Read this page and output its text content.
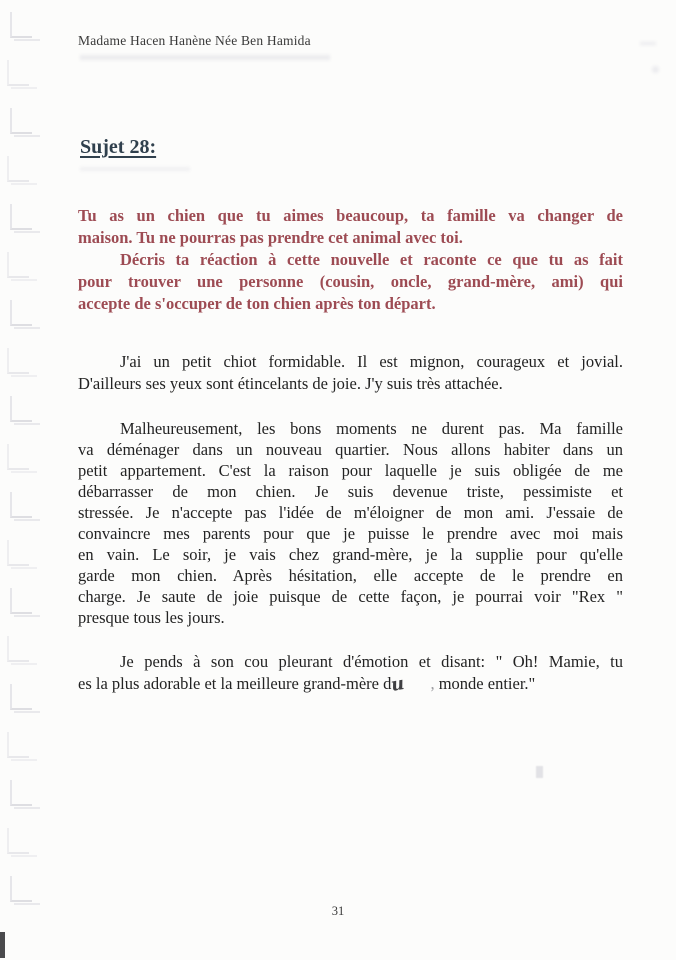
Madame Hacen Hanène Née Ben Hamida
Sujet 28:
Tu as un chien que tu aimes beaucoup, ta famille va changer de
maison. Tu ne pourras pas prendre cet animal avec toi.
Décris ta réaction à cette nouvelle et raconte ce que tu as fait
pour trouver une personne (cousin, oncle, grand-mère, ami) qui
accepte de s'occuper de ton chien après ton départ.
J'ai un petit chiot formidable. Il est mignon, courageux et jovial.
D'ailleurs ses yeux sont étincelants de joie. J'y suis très attachée.
Malheureusement, les bons moments ne durent pas. Ma famille
va déménager dans un nouveau quartier. Nous allons habiter dans un
petit appartement. C'est la raison pour laquelle je suis obligée de me
débarrasser de mon chien. Je suis devenue triste, pessimiste et
stressée. Je n'accepte pas l'idée de m'éloigner de mon ami. J'essaie de
convaincre mes parents pour que je puisse le prendre avec moi mais
en vain. Le soir, je vais chez grand-mère, je la supplie pour qu'elle
garde mon chien. Après hésitation, elle accepte de le prendre en
charge. Je saute de joie puisque de cette façon, je pourrai voir "Rex "
presque tous les jours.
Je pends à son cou pleurant d'émotion et disant: " Oh! Mamie, tu
es la plus adorable et la meilleure grand-mère du , monde entier."
31
